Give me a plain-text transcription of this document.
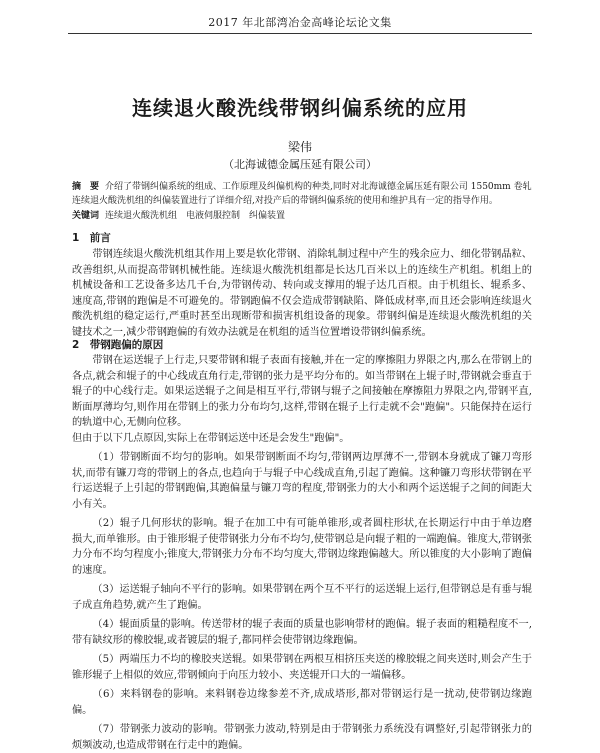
2017 年北部湾冶金高峰论坛论文集
连续退火酸洗线带钢纠偏系统的应用
梁伟
（北海诚德金属压延有限公司）

摘　要 介绍了带钢纠偏系统的组成、工作原理及纠偏机构的种类,同时对北海诚德金属压延有限公司 1550mm 卷轧连续退火酸洗机组的纠偏装置进行了详细介绍,对投产后的带钢纠偏系统的使用和维护具有一定的指导作用。

关键词 连续退火酸洗机组　电液伺服控制　纠偏装置

1　前言

带钢连续退火酸洗机组其作用上要是软化带钢、消除轧制过程中产生的残余应力、细化带钢晶粒、改善组织,从而提高带钢机械性能。连续退火酸洗机组都是长达几百米以上的连续生产机组。机组上的机械设备和工艺设备多达几千台,为带钢传动、转向或支撑用的辊子达几百根。由于机组长、辊系多、速度高,带钢的跑偏是不可避免的。带钢跑偏不仅会造成带钢缺陷、降低成材率,而且还会影响连续退火酸洗机组的稳定运行,严重时甚至出现断带和损害机组设备的现象。带钢纠偏是连续退火酸洗机组的关键技术之一,减少带钢跑偏的有效办法就是在机组的适当位置增设带钢纠偏系统。

2　带钢跑偏的原因

带钢在运送辊子上行走,只要带钢和辊子表面有接触,并在一定的摩擦阻力界限之内,那么在带钢上的各点,就会和辊子的中心线成直角行走,带钢的张力是平均分布的。如当带钢在上辊子时,带钢就会垂直于辊子的中心线行走。如果运送辊子之间是相互平行,带钢与辊子之间接触在摩擦阻力界限之内,带钢平直,断面厚薄均匀,则作用在带钢上的张力分布均匀,这样,带钢在辊子上行走就不会"跑偏"。只能保持在运行的轨道中心,无侧向位移。

但由于以下几点原因,实际上在带钢运送中还是会发生"跑偏"。

（1）带钢断面不均匀的影响。如果带钢断面不均匀,带钢两边厚薄不一,带钢本身就成了镰刀弯形状,而带有镰刀弯的带钢上的各点,也趋向于与辊子中心线成直角,引起了跑偏。这种镰刀弯形状带钢在平行运送辊子上引起的带钢跑偏,其跑偏量与镰刀弯的程度,带钢张力的大小和两个运送辊子之间的间距大小有关。

（2）辊子几何形状的影响。辊子在加工中有可能单锥形,或者圆柱形状,在长期运行中由于单边磨损大,而单锥形。由于锥形辊子使带钢张力分布不均匀,使带钢总是向辊子粗的一端跑偏。锥度大,带钢张力分布不均匀程度小;锥度大,带钢张力分布不均匀度大,带钢边缘跑偏越大。所以锥度的大小影响了跑偏的速度。

（3）运送辊子轴向不平行的影响。如果带钢在两个互不平行的运送辊上运行,但带钢总是有垂与辊子成直角趋势,就产生了跑偏。

（4）辊面质量的影响。传送带材的辊子表面的质量也影响带材的跑偏。辊子表面的粗糙程度不一,带有缺纹形的橡胶辊,或者镀层的辊子,都同样会使带钢边缘跑偏。

（5）两端压力不均的橡胶夹送辊。如果带钢在两根互相挤压夹送的橡胶辊之间夹送时,则会产生于锥形辊子上相似的效应,带钢倾向于向压力较小、夹送辊开口大的一端偏移。

（6）来料钢卷的影响。来料钢卷边缘参差不齐,成成塔形,都对带钢运行是一扰动,使带钢边缘跑偏。

（7）带钢张力波动的影响。带钢张力波动,特别是由于带钢张力系统没有调整好,引起带钢张力的烦频波动,也造成带钢在行走中的跑偏。
